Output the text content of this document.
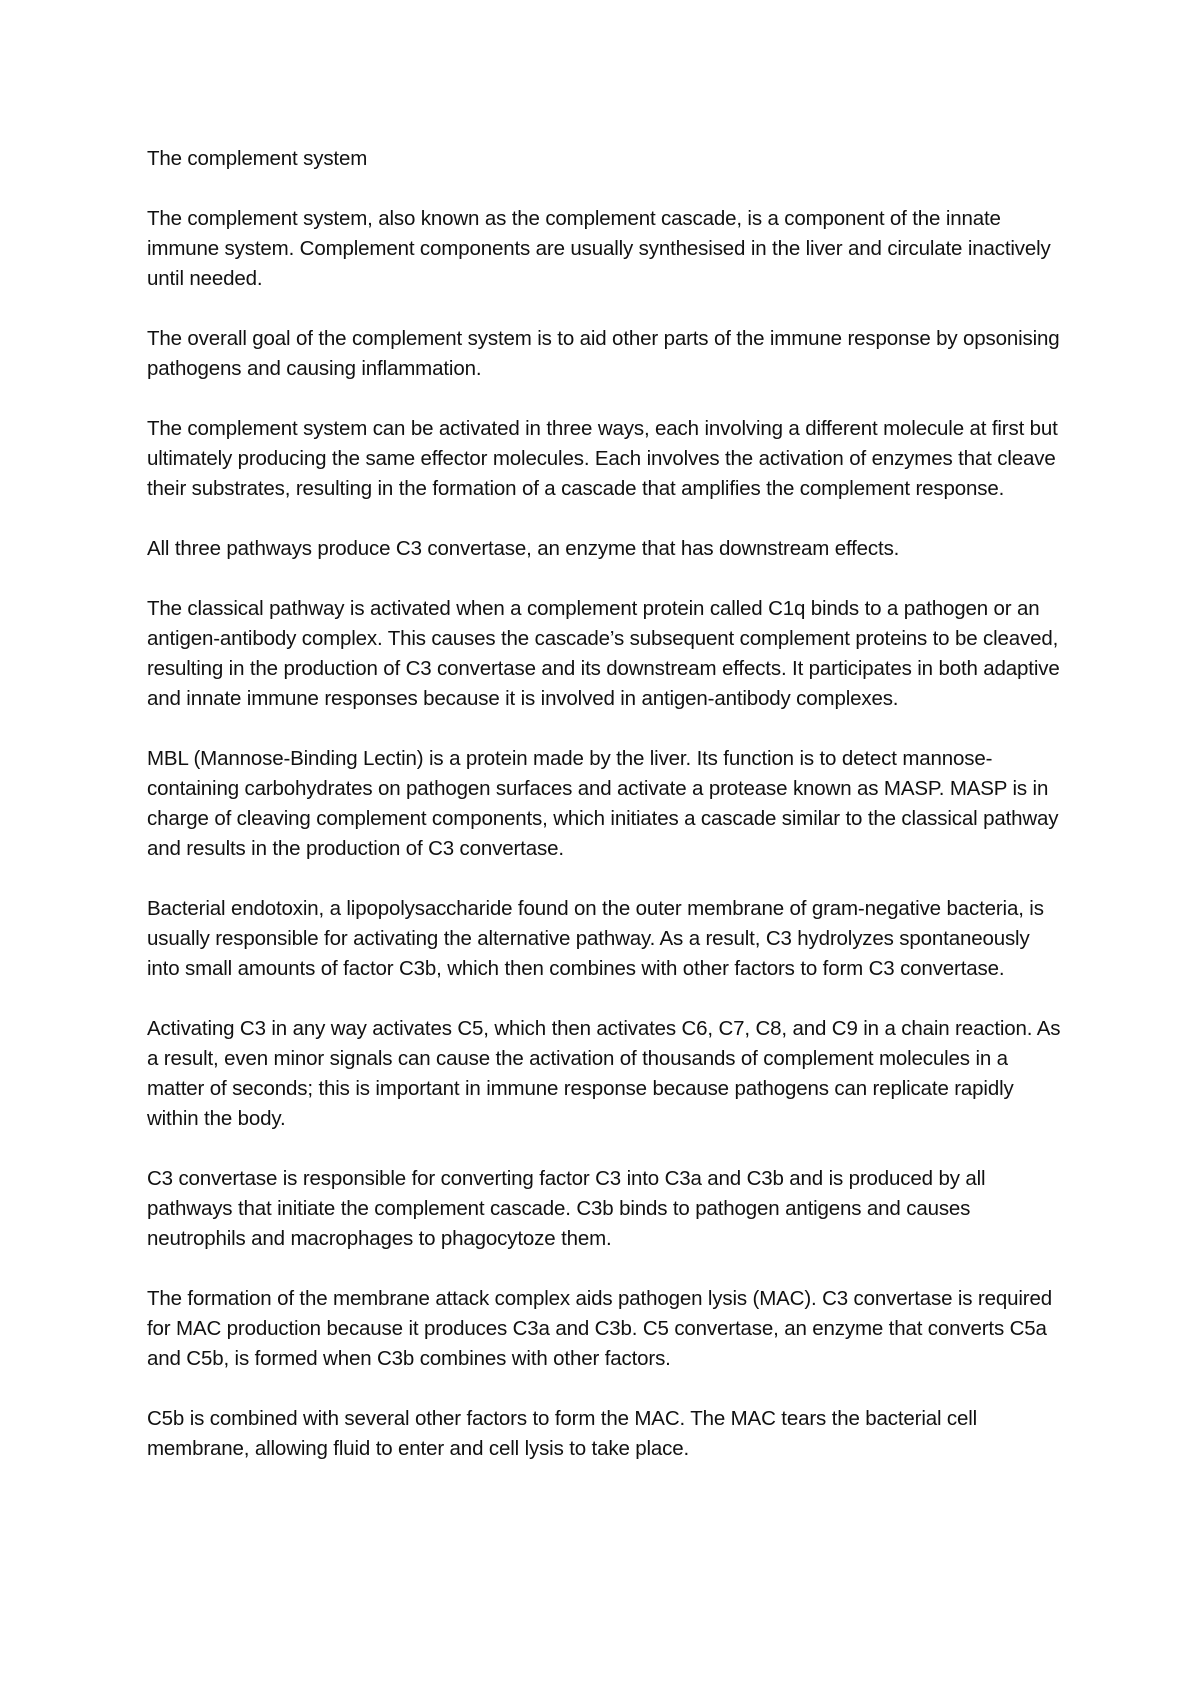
The complement system

The complement system, also known as the complement cascade, is a component of the innate immune system. Complement components are usually synthesised in the liver and circulate inactively until needed.

The overall goal of the complement system is to aid other parts of the immune response by opsonising pathogens and causing inflammation.

The complement system can be activated in three ways, each involving a different molecule at first but ultimately producing the same effector molecules. Each involves the activation of enzymes that cleave their substrates, resulting in the formation of a cascade that amplifies the complement response.

All three pathways produce C3 convertase, an enzyme that has downstream effects.

The classical pathway is activated when a complement protein called C1q binds to a pathogen or an antigen-antibody complex. This causes the cascade’s subsequent complement proteins to be cleaved, resulting in the production of C3 convertase and its downstream effects. It participates in both adaptive and innate immune responses because it is involved in antigen-antibody complexes.

MBL (Mannose-Binding Lectin) is a protein made by the liver. Its function is to detect mannose-containing carbohydrates on pathogen surfaces and activate a protease known as MASP. MASP is in charge of cleaving complement components, which initiates a cascade similar to the classical pathway and results in the production of C3 convertase.

Bacterial endotoxin, a lipopolysaccharide found on the outer membrane of gram-negative bacteria, is usually responsible for activating the alternative pathway. As a result, C3 hydrolyzes spontaneously into small amounts of factor C3b, which then combines with other factors to form C3 convertase.

Activating C3 in any way activates C5, which then activates C6, C7, C8, and C9 in a chain reaction. As a result, even minor signals can cause the activation of thousands of complement molecules in a matter of seconds; this is important in immune response because pathogens can replicate rapidly within the body.

C3 convertase is responsible for converting factor C3 into C3a and C3b and is produced by all pathways that initiate the complement cascade. C3b binds to pathogen antigens and causes neutrophils and macrophages to phagocytoze them.

The formation of the membrane attack complex aids pathogen lysis (MAC). C3 convertase is required for MAC production because it produces C3a and C3b. C5 convertase, an enzyme that converts C5a and C5b, is formed when C3b combines with other factors.

C5b is combined with several other factors to form the MAC. The MAC tears the bacterial cell membrane, allowing fluid to enter and cell lysis to take place.
